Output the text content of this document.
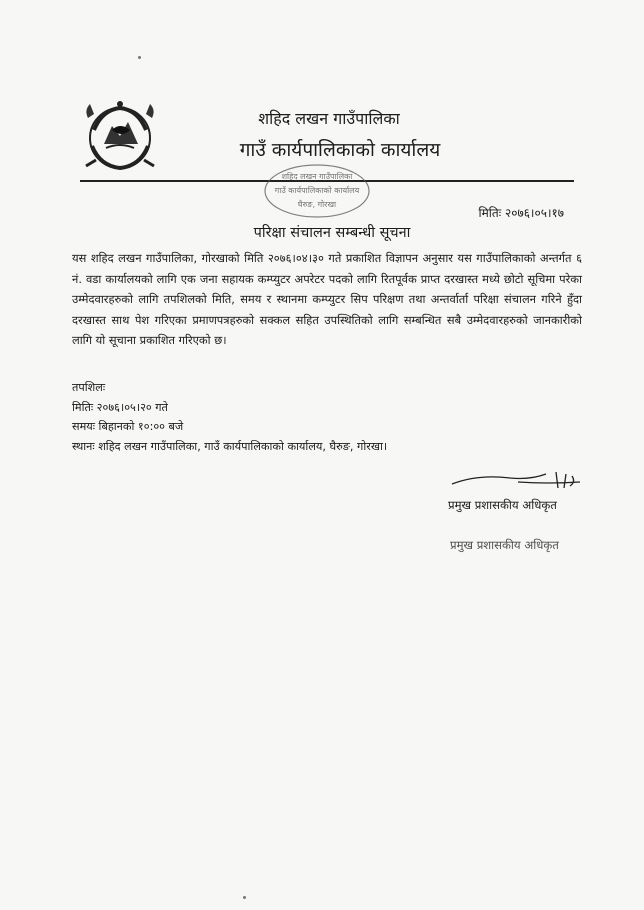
शहिद लखन गाउँपालिका
गाउँ कार्यपालिकाको कार्यालय
शहिद लखन गाउँपालिका
गाउँ कार्यपालिकाको कार्यालय
घैरुङ, गोरखा
मितिः २०७६।०५।१७
परिक्षा संचालन सम्बन्धी सूचना
यस शहिद लखन गाउँपालिका, गोरखाको मिति २०७६।०४।३० गते प्रकाशित विज्ञापन अनुसार यस गाउँपालिकाको अन्तर्गत ६ नं. वडा कार्यालयको लागि एक जना सहायक कम्प्युटर अपरेटर पदको लागि रितपूर्वक प्राप्त दरखास्त मध्ये छोटो सूचिमा परेका उम्मेदवारहरुको लागि तपशिलको मिति, समय र स्थानमा कम्प्युटर सिप परिक्षण तथा अन्तर्वार्ता परिक्षा संचालन गरिने हुँदा दरखास्त साथ पेश गरिएका प्रमाणपत्रहरुको सक्कल सहित उपस्थितिको लागि सम्बन्धित सबै उम्मेदवारहरुको जानकारीको लागि यो सूचाना प्रकाशित गरिएको छ।
तपशिलः
मितिः २०७६।०५।२० गते
समयः बिहानको १०:०० बजे
स्थानः शहिद लखन गाउँपालिका, गाउँ कार्यपालिकाको कार्यालय, घैरुङ, गोरखा।
प्रमुख प्रशासकीय अधिकृत
प्रमुख प्रशासकीय अधिकृत
